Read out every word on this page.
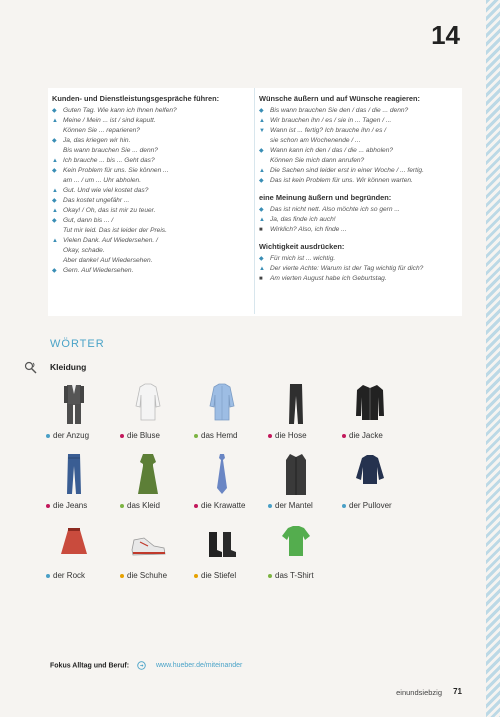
14
Kunden- und Dienstleistungsgespräche führen:
◆ Guten Tag. Wie kann ich Ihnen helfen?
▲ Meine / Mein ... ist / sind kaputt.
Können Sie ... reparieren?
◆ Ja, das kriegen wir hin.
Bis wann brauchen Sie ... denn?
▲ Ich brauche ... bis ... Geht das?
◆ Kein Problem für uns. Sie können ...
am ... / um ... Uhr abholen.
▲ Gut. Und wie viel kostet das?
◆ Das kostet ungefähr ...
▲ Okay! / Oh, das ist mir zu teuer.
◆ Gut, dann bis ... /
Tut mir leid. Das ist leider der Preis.
▲ Vielen Dank. Auf Wiedersehen. /
Okay, schade.
Aber danke! Auf Wiedersehen.
◆ Gern. Auf Wiedersehen.
Wünsche äußern und auf Wünsche reagieren:
◆ Bis wann brauchen Sie den / das / die ... denn?
▲ Wir brauchen ihn / es / sie in ... Tagen / ...
▼ Wann ist ... fertig? Ich brauche ihn / es /
sie schon am Wochenende / ...
◆ Wann kann ich den / das / die ... abholen?
Können Sie mich dann anrufen?
▲ Die Sachen sind leider erst in einer Woche / ... fertig.
◆ Das ist kein Problem für uns. Wir können warten.
eine Meinung äußern und begründen:
◆ Das ist nicht nett. Also möchte ich so gern ...
▲ Ja, das finde ich auch!
■	Wirklich? Also, ich finde ...
Wichtigkeit ausdrücken:
◆ Für mich ist ... wichtig.
▲ Der vierte Achte: Warum ist der Tag wichtig für dich?
■	Am vierten August habe ich Geburtstag.
WÖRTER
Kleidung
der Anzug	die Bluse	das Hemd	die Hose	die Jacke
die Jeans	das Kleid	die Krawatte	der Mantel	der Pullover
der Rock	die Schuhe	die Stiefel	das T-Shirt
Fokus Alltag und Beruf:	www.hueber.de/miteinander
einundsiebzig 71
